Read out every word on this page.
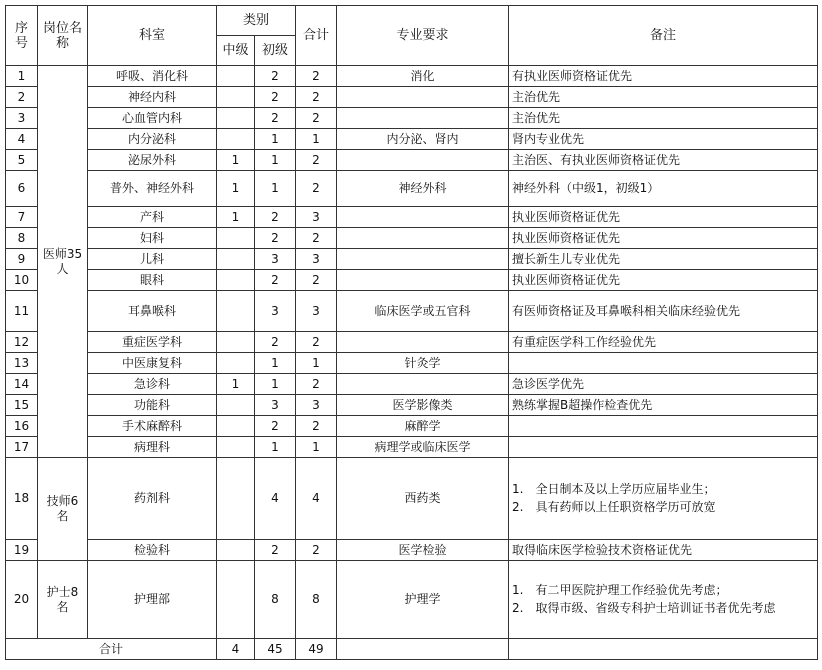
序号	岗位名称	科室	类别		合计	专业要求	备注
			中级	初级			
1	医师35人	呼吸、消化科		2	2	消化	有执业医师资格证优先
2		神经内科		2	2		主治优先
3		心血管内科		2	2		主治优先
4		内分泌科		1	1	内分泌、肾内	肾内专业优先
5		泌尿外科	1	1	2		主治医、有执业医师资格证优先
6		普外、神经外科	1	1	2	神经外科	神经外科（中级1，初级1）
7		产科	1	2	3		执业医师资格证优先
8		妇科		2	2		执业医师资格证优先
9		儿科		3	3		擅长新生儿专业优先
10		眼科		2	2		执业医师资格证优先
11		耳鼻喉科		3	3	临床医学或五官科	有医师资格证及耳鼻喉科相关临床经验优先
12		重症医学科		2	2		有重症医学科工作经验优先
13		中医康复科		1	1	针灸学	
14		急诊科	1	1	2		急诊医学优先
15		功能科		3	3	医学影像类	熟练掌握B超操作检查优先
16		手术麻醉科		2	2	麻醉学	
17		病理科		1	1	病理学或临床医学	
18	技师6名	药剂科		4	4	西药类	1.　全日制本及以上学历应届毕业生；

2.　具有药师以上任职资格学历可放宽

19		检验科		2	2	医学检验	取得临床医学检验技术资格证优先
20	护士8名	护理部		8	8	护理学	1.　有二甲医院护理工作经验优先考虑；

2.　取得市级、省级专科护士培训证书者优先考虑

合计			4	45	49		
